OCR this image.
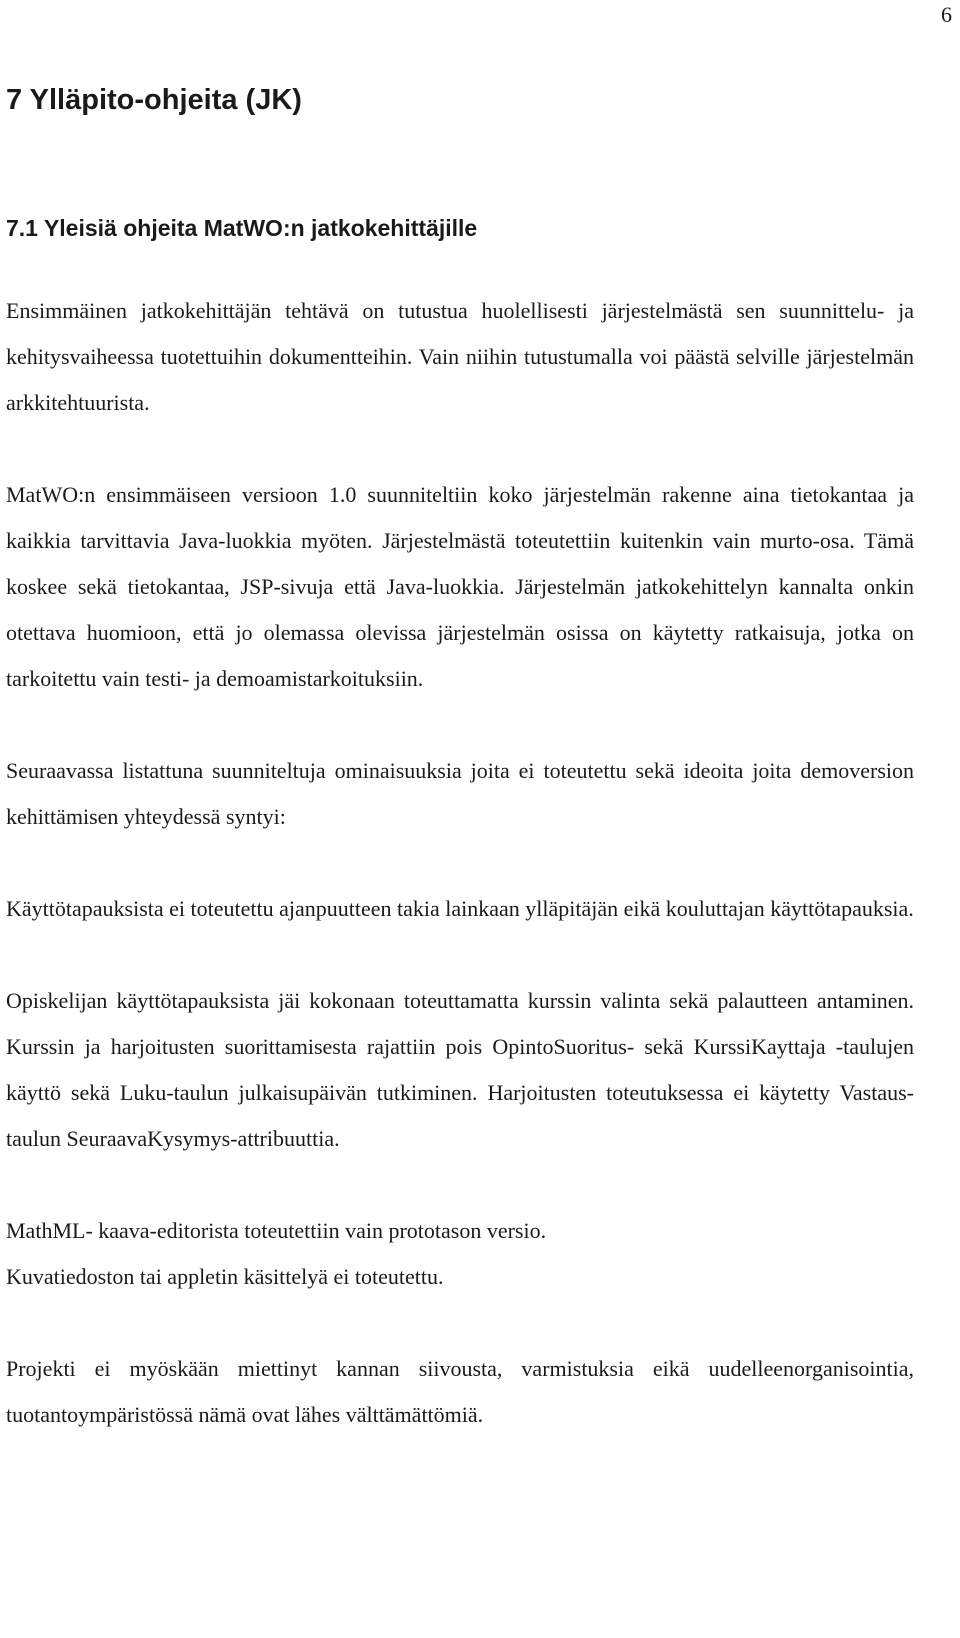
6
7 Ylläpito-ohjeita (JK)
7.1 Yleisiä ohjeita MatWO:n jatkokehittäjille

Ensimmäinen jatkokehittäjän tehtävä on tutustua huolellisesti järjestelmästä sen suunnittelu- ja kehitysvaiheessa tuotettuihin dokumentteihin. Vain niihin tutustumalla voi päästä selville järjestelmän arkkitehtuurista.

MatWO:n ensimmäiseen versioon 1.0 suunniteltiin koko järjestelmän rakenne aina tietokantaa ja kaikkia tarvittavia Java-luokkia myöten. Järjestelmästä toteutettiin kuitenkin vain murto-osa. Tämä koskee sekä tietokantaa, JSP-sivuja että Java-luokkia. Järjestelmän jatkokehittelyn kannalta onkin otettava huomioon, että jo olemassa olevissa järjestelmän osissa on käytetty ratkaisuja, jotka on tarkoitettu vain testi- ja demoamistarkoituksiin.

Seuraavassa listattuna suunniteltuja ominaisuuksia joita ei toteutettu sekä ideoita joita demoversion kehittämisen yhteydessä syntyi:

Käyttötapauksista ei toteutettu ajanpuutteen takia lainkaan ylläpitäjän eikä kouluttajan käyttötapauksia.

Opiskelijan käyttötapauksista jäi kokonaan toteuttamatta kurssin valinta sekä palautteen antaminen. Kurssin ja harjoitusten suorittamisesta rajattiin pois OpintoSuoritus- sekä KurssiKayttaja -taulujen käyttö sekä Luku-taulun julkaisupäivän tutkiminen. Harjoitusten toteutuksessa ei käytetty Vastaus-taulun SeuraavaKysymys-attribuuttia.

MathML- kaava-editorista toteutettiin vain prototason versio.

Kuvatiedoston tai appletin käsittelyä ei toteutettu.

Projekti ei myöskään miettinyt kannan siivousta, varmistuksia eikä uudelleenorganisointia, tuotantoympäristössä nämä ovat lähes välttämättömiä.
